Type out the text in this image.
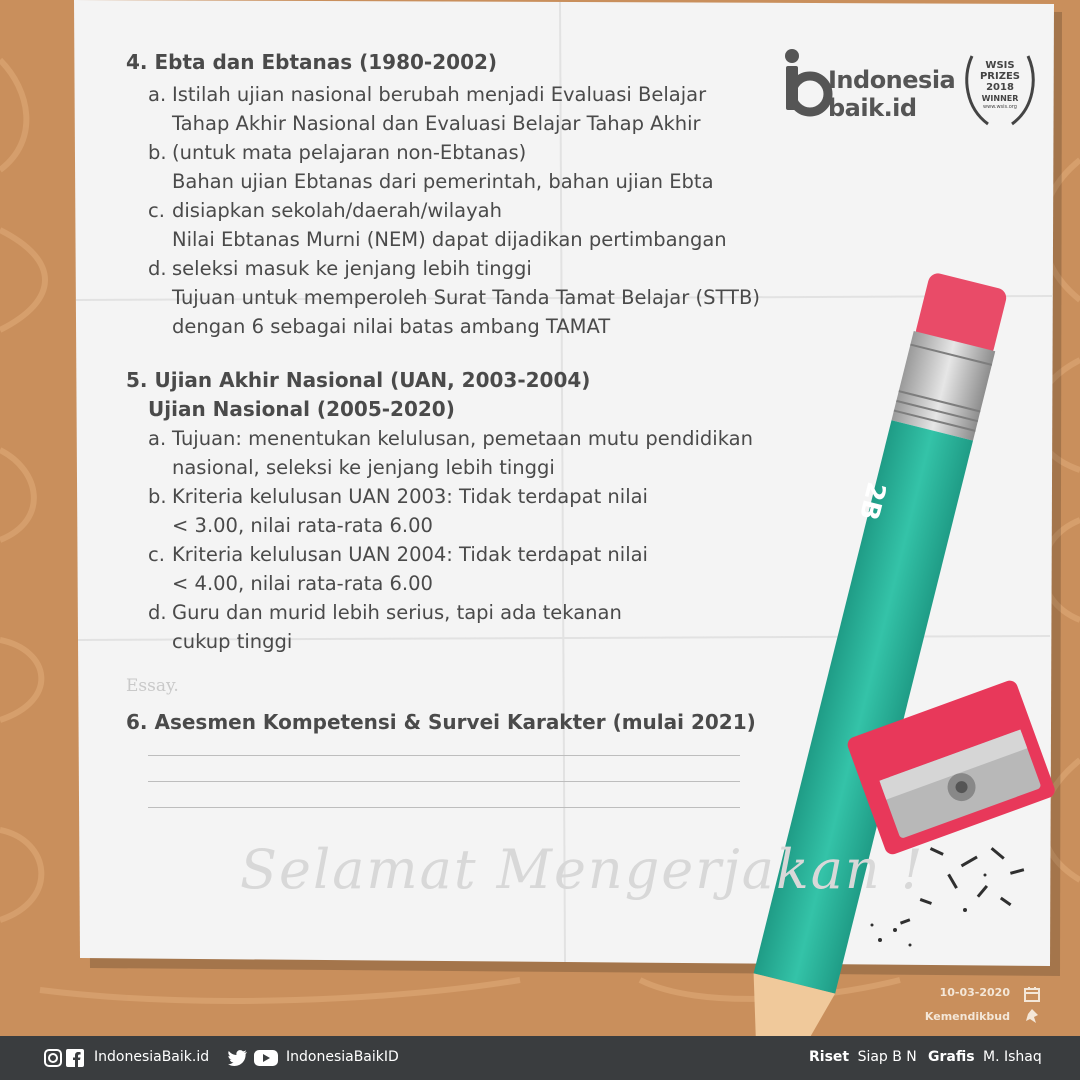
2B
Indonesia
baik.id
WSIS
PRIZES
2018
WINNER
www.wsis.org
4. Ebta dan Ebtanas (1980-2002)
a. Istilah ujian nasional berubah menjadi Evaluasi Belajar
Tahap Akhir Nasional dan Evaluasi Belajar Tahap Akhir
b. (untuk mata pelajaran non-Ebtanas)
Bahan ujian Ebtanas dari pemerintah, bahan ujian Ebta
c. disiapkan sekolah/daerah/wilayah
Nilai Ebtanas Murni (NEM) dapat dijadikan pertimbangan
d. seleksi masuk ke jenjang lebih tinggi
Tujuan untuk memperoleh Surat Tanda Tamat Belajar (STTB)
dengan 6 sebagai nilai batas ambang TAMAT
5. Ujian Akhir Nasional (UAN, 2003-2004)
Ujian Nasional (2005-2020)
a. Tujuan: menentukan kelulusan, pemetaan mutu pendidikan
nasional, seleksi ke jenjang lebih tinggi
b. Kriteria kelulusan UAN 2003: Tidak terdapat nilai
< 3.00, nilai rata-rata 6.00
c. Kriteria kelulusan UAN 2004: Tidak terdapat nilai
< 4.00, nilai rata-rata 6.00
d. Guru dan murid lebih serius, tapi ada tekanan
cukup tinggi
Essay.
6. Asesmen Kompetensi & Survei Karakter (mulai 2021)
Selamat Mengerjakan !
10-03-2020
Kemendikbud
IndonesiaBaik.id	IndonesiaBaikID	Riset Siap B N Grafis M. Ishaq
